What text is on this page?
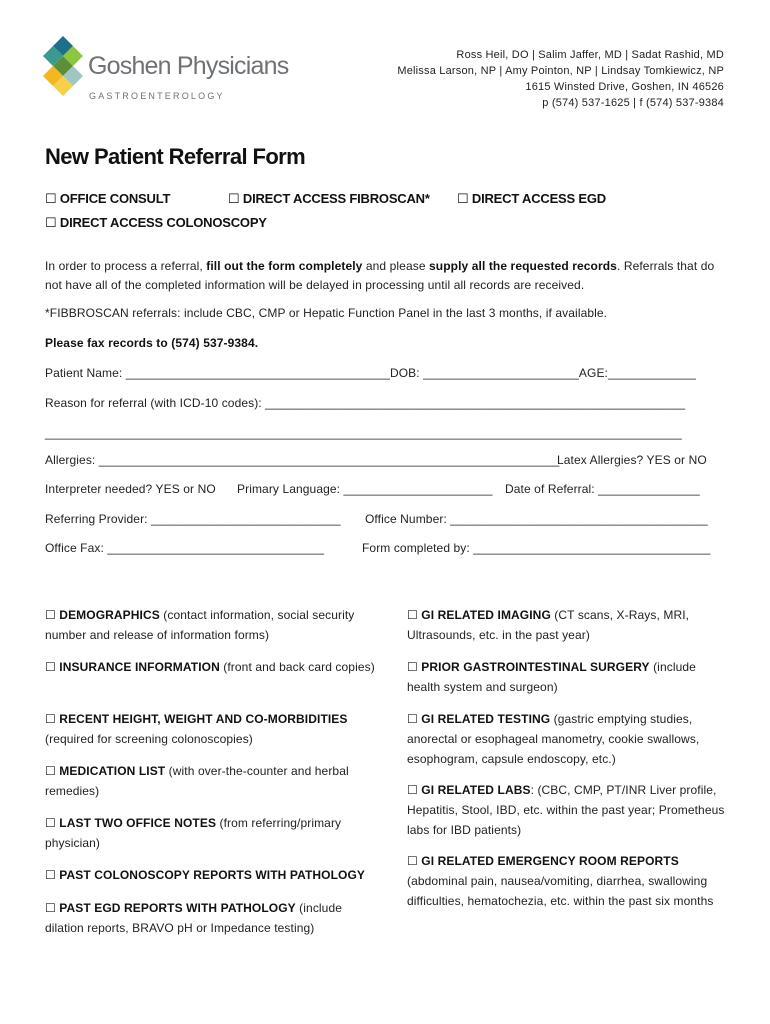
Goshen Physicians
GASTROENTEROLOGY
Ross Heil, DO | Salim Jaffer, MD | Sadat Rashid, MD
Melissa Larson, NP | Amy Pointon, NP | Lindsay Tomkiewicz, NP
1615 Winsted Drive, Goshen, IN 46526
p (574) 537-1625 | f (574) 537-9384
New Patient Referral Form
☐ OFFICE CONSULT	☐ DIRECT ACCESS FIBROSCAN* ☐ DIRECT ACCESS EGD
☐ DIRECT ACCESS COLONOSCOPY
In order to process a referral, fill out the form completely and please supply all the requested records. Referrals that do not have all of the completed information will be delayed in processing until all records are received.
*FIBBROSCAN referrals: include CBC, CMP or Hepatic Function Panel in the last 3 months, if available.
Please fax records to (574) 537-9384.
Patient Name: _______________________________________DOB: _______________________AGE:_____________
Reason for referral (with ICD-10 codes): ______________________________________________________________
______________________________________________________________________________________________
Allergies: ____________________________________________________________________
Latex Allergies? YES or NO
Interpreter needed? YES or NO Primary Language: ______________________ Date of Referral: _______________
Referring Provider: ____________________________ Office Number: ______________________________________
Office Fax: ________________________________	Form completed by: ___________________________________
☐ DEMOGRAPHICS (contact information, social security number and release of information forms)
☐ INSURANCE INFORMATION (front and back card copies)
☐ RECENT HEIGHT, WEIGHT AND CO-MORBIDITIES (required for screening colonoscopies)
☐ MEDICATION LIST (with over-the-counter and herbal remedies)
☐ LAST TWO OFFICE NOTES (from referring/primary physician)
☐ PAST COLONOSCOPY REPORTS WITH PATHOLOGY
☐ PAST EGD REPORTS WITH PATHOLOGY (include dilation reports, BRAVO pH or Impedance testing)
☐ GI RELATED IMAGING (CT scans, X-Rays, MRI, Ultrasounds, etc. in the past year)
☐ PRIOR GASTROINTESTINAL SURGERY (include health system and surgeon)
☐ GI RELATED TESTING (gastric emptying studies, anorectal or esophageal manometry, cookie swallows, esophogram, capsule endoscopy, etc.)
☐ GI RELATED LABS: (CBC, CMP, PT/INR Liver profile, Hepatitis, Stool, IBD, etc. within the past year; Prometheus labs for IBD patients)
☐ GI RELATED EMERGENCY ROOM REPORTS (abdominal pain, nausea/vomiting, diarrhea, swallowing difficulties, hematochezia, etc. within the past six months
